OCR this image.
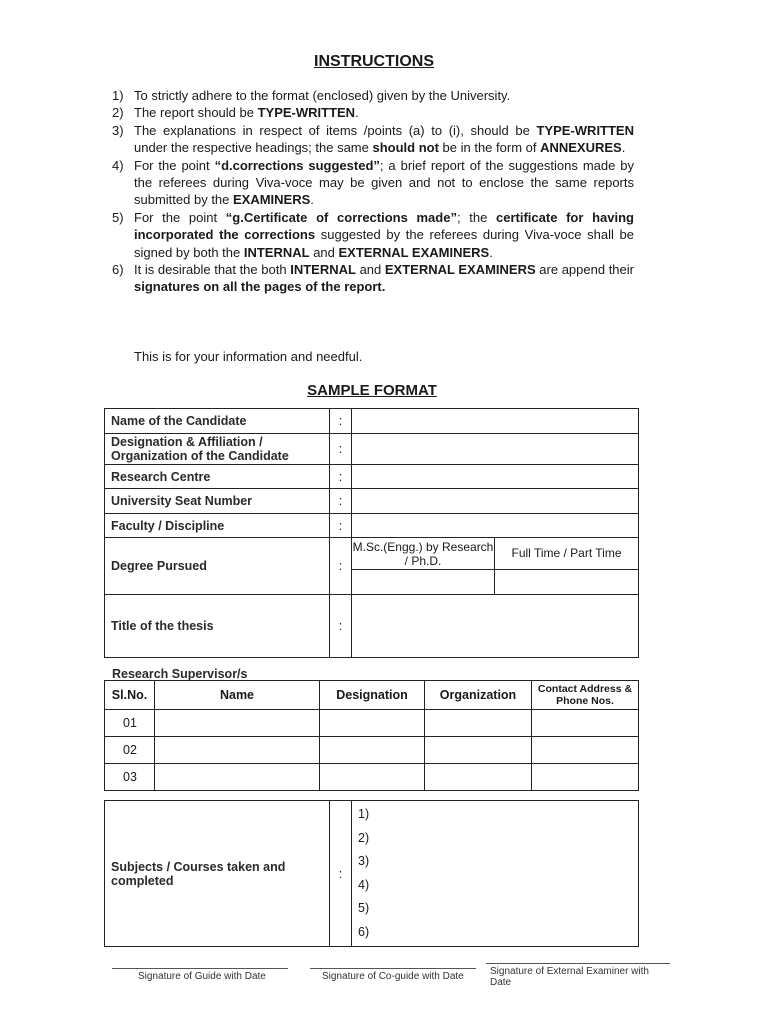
INSTRUCTIONS
1) To strictly adhere to the format (enclosed) given by the University.
2) The report should be TYPE-WRITTEN.
3) The explanations in respect of items /points (a) to (i), should be TYPE-WRITTEN under the respective headings; the same should not be in the form of ANNEXURES.
4) For the point “d.corrections suggested”; a brief report of the suggestions made by the referees during Viva-voce may be given and not to enclose the same reports submitted by the EXAMINERS.
5) For the point “g.Certificate of corrections made”; the certificate for having incorporated the corrections suggested by the referees during Viva-voce shall be signed by both the INTERNAL and EXTERNAL EXAMINERS.
6) It is desirable that the both INTERNAL and EXTERNAL EXAMINERS are append their signatures on all the pages of the report.
This is for your information and needful.
SAMPLE FORMAT
Name of the Candidate	:		
Designation & Affiliation / Organization of the Candidate	:		
Research Centre	:		
University Seat Number	:		
Faculty / Discipline	:		
Degree Pursued	:	M.Sc.(Engg.) by Research / Ph.D.	Full Time / Part Time

Title of the thesis	:		
Research Supervisor/s
Sl.No.	Name	Designation	Organization	Contact Address & Phone Nos.
01				
02				
03				
Subjects / Courses taken and completed	:	
1)
2)
3)
4)
5)
6)
Signature of Guide with Date	Signature of Co-guide with Date	Signature of External Examiner with Date
